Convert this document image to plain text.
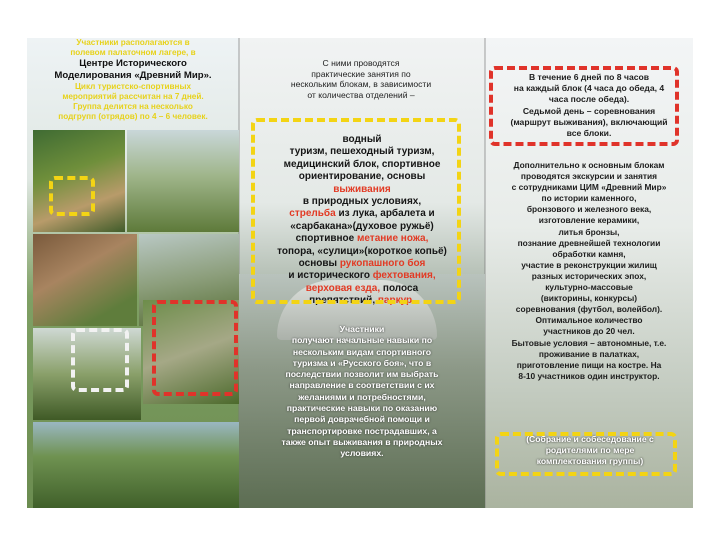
Участники располагаются в
полевом палаточном лагере, в
Центре Исторического
Моделирования «Древний Мир».
Цикл туристско-спортивных
мероприятий рассчитан на 7 дней.
Группа делится на несколько
подгрупп (отрядов) по 4 – 6 человек.
С ними проводятся
практические занятия по
нескольким блокам, в зависимости
от количества отделений –
водный
туризм, пешеходный туризм,
медицинский блок, спортивное
ориентирование, основы
выживания
в природных условиях,
стрельба из лука, арбалета и
«сарбакана»(духовое ружьё)
спортивное метание ножа,
топора, «сулици»(короткое копьё)
основы рукопашного боя
и исторического фехтования,
верховая езда, полоса
препятствий, паркур.
Участники
получают начальные навыки по
нескольким видам спортивного
туризма и «Русского боя», что в
последствии позволит им выбрать
направление в соответствии с их
желаниями и потребностями,
практические навыки по оказанию
первой доврачебной помощи и
транспортировке пострадавших, а
также опыт выживания в природных
условиях.
В течение 6 дней по 8 часов
на каждый блок (4 часа до обеда, 4
часа после обеда).
Седьмой день – соревнования
(маршрут выживания), включающий
все блоки.
Дополнительно к основным блокам
проводятся экскурсии и занятия
с сотрудниками ЦИМ «Древний Мир»
по истории каменного,
бронзового и железного века,
изготовление керамики,
литья бронзы,
познание древнейшей технологии
обработки камня,
участие в реконструкции жилищ
разных исторических эпох,
культурно-массовые
(викторины, конкурсы)
соревнования (футбол, волейбол).
Оптимальное количество
участников до 20 чел.
Бытовые условия – автономные, т.е.
проживание в палатках,
приготовление пищи на костре. На
8-10 участников один инструктор.
(Собрание и собеседование с
родителями по мере
комплектования группы)
